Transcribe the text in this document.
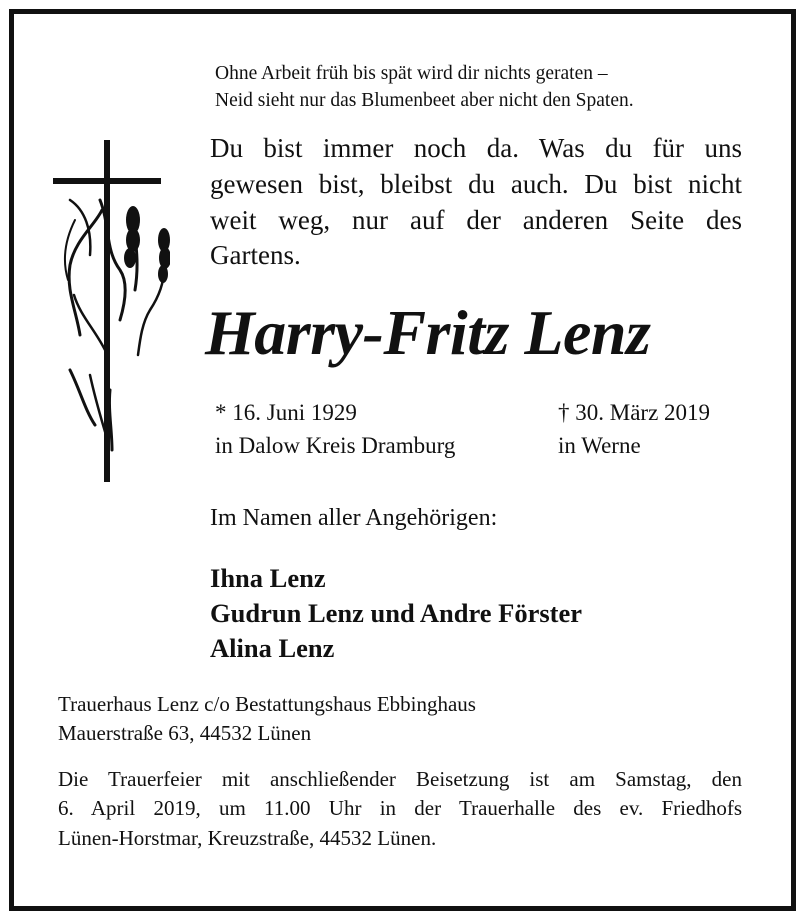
Ohne Arbeit früh bis spät wird dir nichts geraten –
Neid sieht nur das Blumenbeet aber nicht den Spaten.
Du bist immer noch da. Was du für uns
gewesen bist, bleibst du auch. Du bist nicht
weit weg, nur auf der anderen Seite des
Gartens.
Harry-Fritz Lenz
* 16. Juni 1929
in Dalow Kreis Dramburg
† 30. März 2019
in Werne
Im Namen aller Angehörigen:
Ihna Lenz
Gudrun Lenz und Andre Förster
Alina Lenz
Trauerhaus Lenz c/o Bestattungshaus Ebbinghaus
Mauerstraße 63, 44532 Lünen
Die Trauerfeier mit anschließender Beisetzung ist am Samstag, den
6. April 2019, um 11.00 Uhr in der Trauerhalle des ev. Friedhofs
Lünen-Horstmar, Kreuzstraße, 44532 Lünen.
